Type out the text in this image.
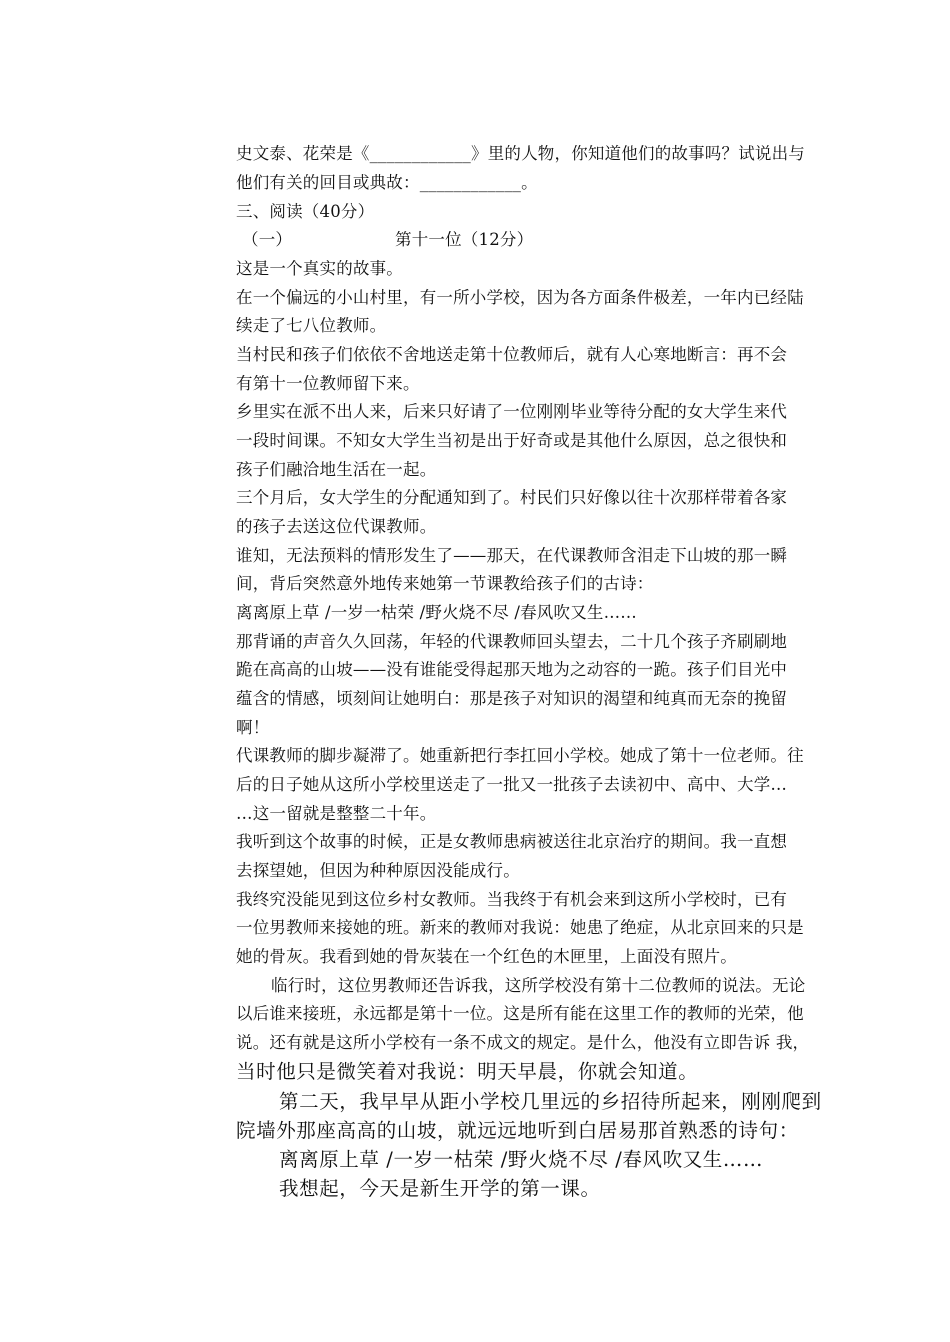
史文泰、花荣是《____________》里的人物，你知道他们的故事吗？试说出与
他们有关的回目或典故：____________。
三、阅读（40分）
（一）	第十一位（12分）
这是一个真实的故事。
在一个偏远的小山村里，有一所小学校，因为各方面条件极差，一年内已经陆
续走了七八位教师。
当村民和孩子们依依不舍地送走第十位教师后，就有人心寒地断言：再不会
有第十一位教师留下来。
乡里实在派不出人来，后来只好请了一位刚刚毕业等待分配的女大学生来代
一段时间课。不知女大学生当初是出于好奇或是其他什么原因，总之很快和
孩子们融洽地生活在一起。
三个月后，女大学生的分配通知到了。村民们只好像以往十次那样带着各家
的孩子去送这位代课教师。
谁知，无法预料的情形发生了——那天，在代课教师含泪走下山坡的那一瞬
间，背后突然意外地传来她第一节课教给孩子们的古诗：
离离原上草 /一岁一枯荣 /野火烧不尽 /春风吹又生……
那背诵的声音久久回荡，年轻的代课教师回头望去，二十几个孩子齐刷刷地
跪在高高的山坡——没有谁能受得起那天地为之动容的一跪。孩子们目光中
蕴含的情感，顷刻间让她明白：那是孩子对知识的渴望和纯真而无奈的挽留
啊！
代课教师的脚步凝滞了。她重新把行李扛回小学校。她成了第十一位老师。往
后的日子她从这所小学校里送走了一批又一批孩子去读初中、高中、大学…
…这一留就是整整二十年。
我听到这个故事的时候，正是女教师患病被送往北京治疗的期间。我一直想
去探望她，但因为种种原因没能成行。
我终究没能见到这位乡村女教师。当我终于有机会来到这所小学校时，已有
一位男教师来接她的班。新来的教师对我说：她患了绝症，从北京回来的只是
她的骨灰。我看到她的骨灰装在一个红色的木匣里，上面没有照片。
临行时，这位男教师还告诉我，这所学校没有第十二位教师的说法。无论
以后谁来接班，永远都是第十一位。这是所有能在这里工作的教师的光荣，他
说。还有就是这所小学校有一条不成文的规定。是什么，他没有立即告诉 我，
当时他只是微笑着对我说：明天早晨，你就会知道。
第二天，我早早从距小学校几里远的乡招待所起来，刚刚爬到
院墙外那座高高的山坡，就远远地听到白居易那首熟悉的诗句：
离离原上草 /一岁一枯荣 /野火烧不尽 /春风吹又生……
我想起，今天是新生开学的第一课。
